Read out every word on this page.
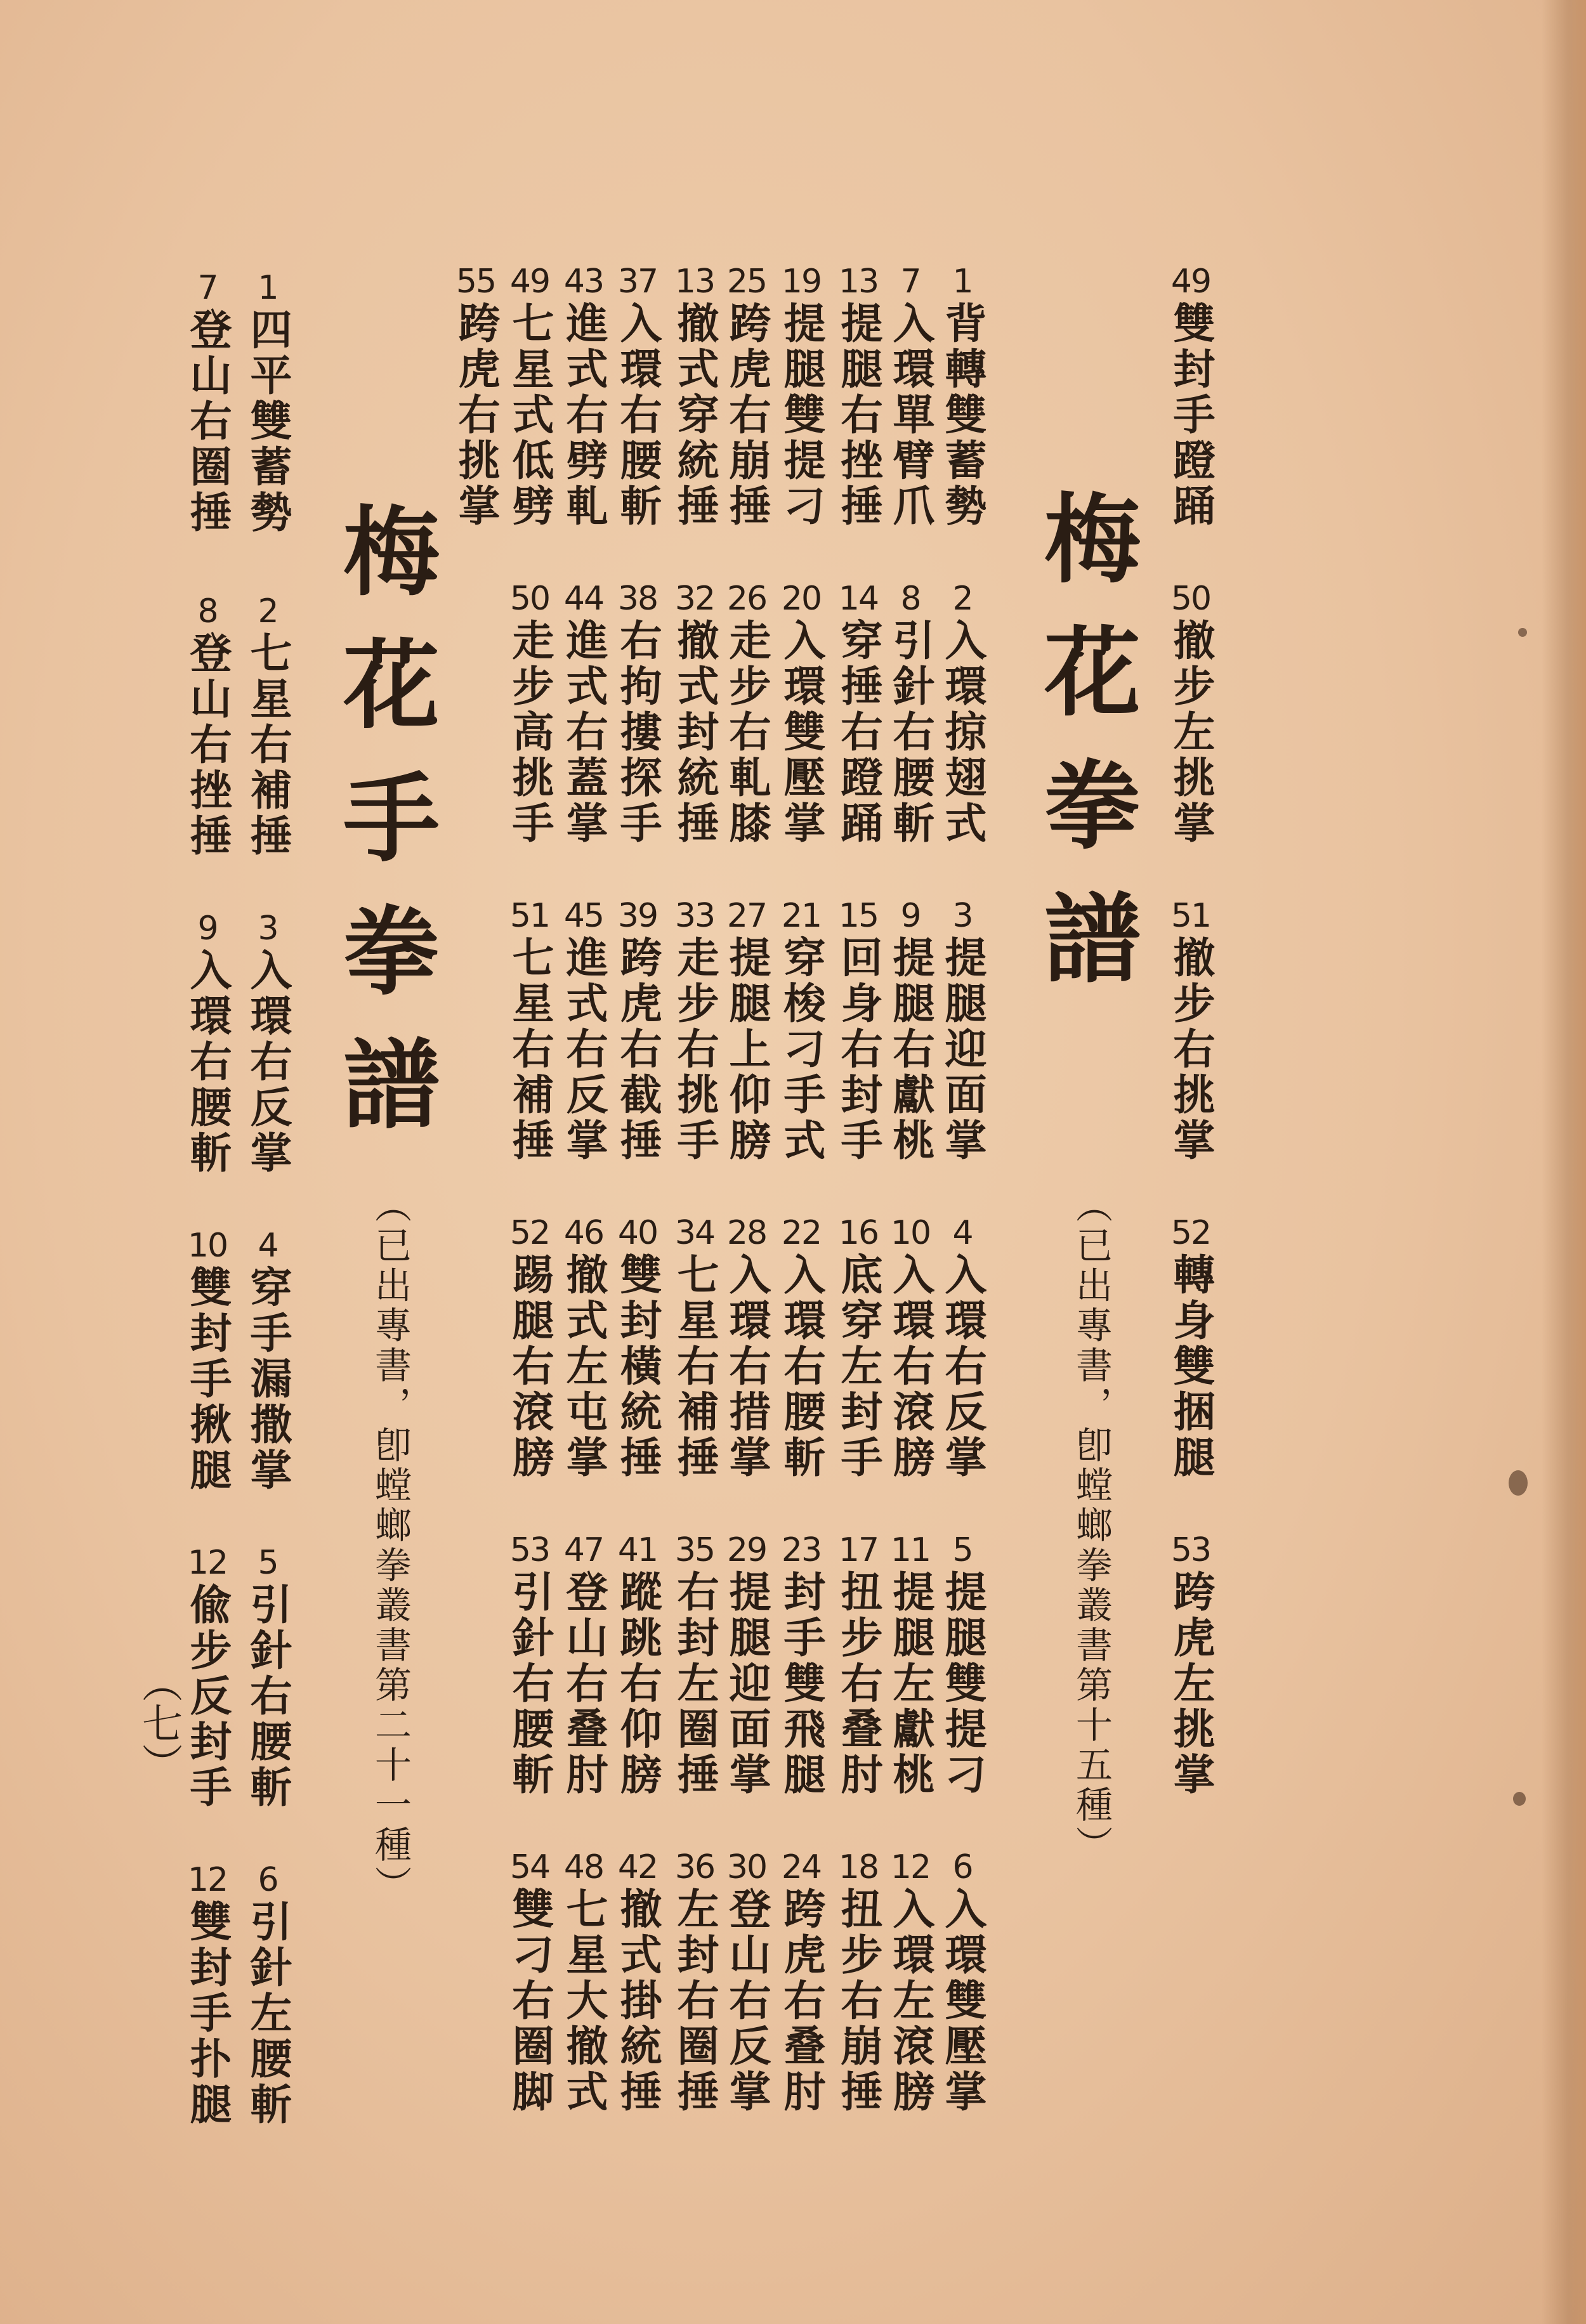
49
雙封手蹬踊
50
撤步左挑掌
51
撤步右挑掌
52
轉身雙捆腿
53
跨虎左挑掌
梅花拳譜
（已出專書，卽螳螂拳叢書第十五種）
1
背轉雙蓄勢
2
入環掠翅式
3
提腿迎面掌
4
入環右反掌
5
提腿雙提刁
6
入環雙壓掌
7
入環單臂爪
8
引針右腰斬
9
提腿右獻桃
10
入環右滾膀
11
提腿左獻桃
12
入環左滾膀
13
提腿右挫捶
14
穿捶右蹬踊
15
回身右封手
16
底穿左封手
17
扭步右叠肘
18
扭步右崩捶
19
提腿雙提刁
20
入環雙壓掌
21
穿梭刁手式
22
入環右腰斬
23
封手雙飛腿
24
跨虎右叠肘
25
跨虎右崩捶
26
走步右軋膝
27
提腿上仰膀
28
入環右措掌
29
提腿迎面掌
30
登山右反掌
13
撤式穿統捶
32
撤式封統捶
33
走步右挑手
34
七星右補捶
35
右封左圈捶
36
左封右圈捶
37
入環右腰斬
38
右拘摟探手
39
跨虎右截捶
40
雙封橫統捶
41
蹤跳右仰膀
42
撤式掛統捶
43
進式右劈軋
44
進式右蓋掌
45
進式右反掌
46
撤式左屯掌
47
登山右叠肘
48
七星大撤式
49
七星式低劈
50
走步高挑手
51
七星右補捶
52
踢腿右滾膀
53
引針右腰斬
54
雙刁右圈脚
55
跨虎右挑掌
梅花手拳譜
（已出專書，卽螳螂拳叢書第二十一種）
1
四平雙蓄勢
2
七星右補捶
3
入環右反掌
4
穿手漏撒掌
5
引針右腰斬
6
引針左腰斬
7
登山右圈捶
8
登山右挫捶
9
入環右腰斬
10
雙封手揪腿
12
偸步反封手
12
雙封手扑腿
（七）
